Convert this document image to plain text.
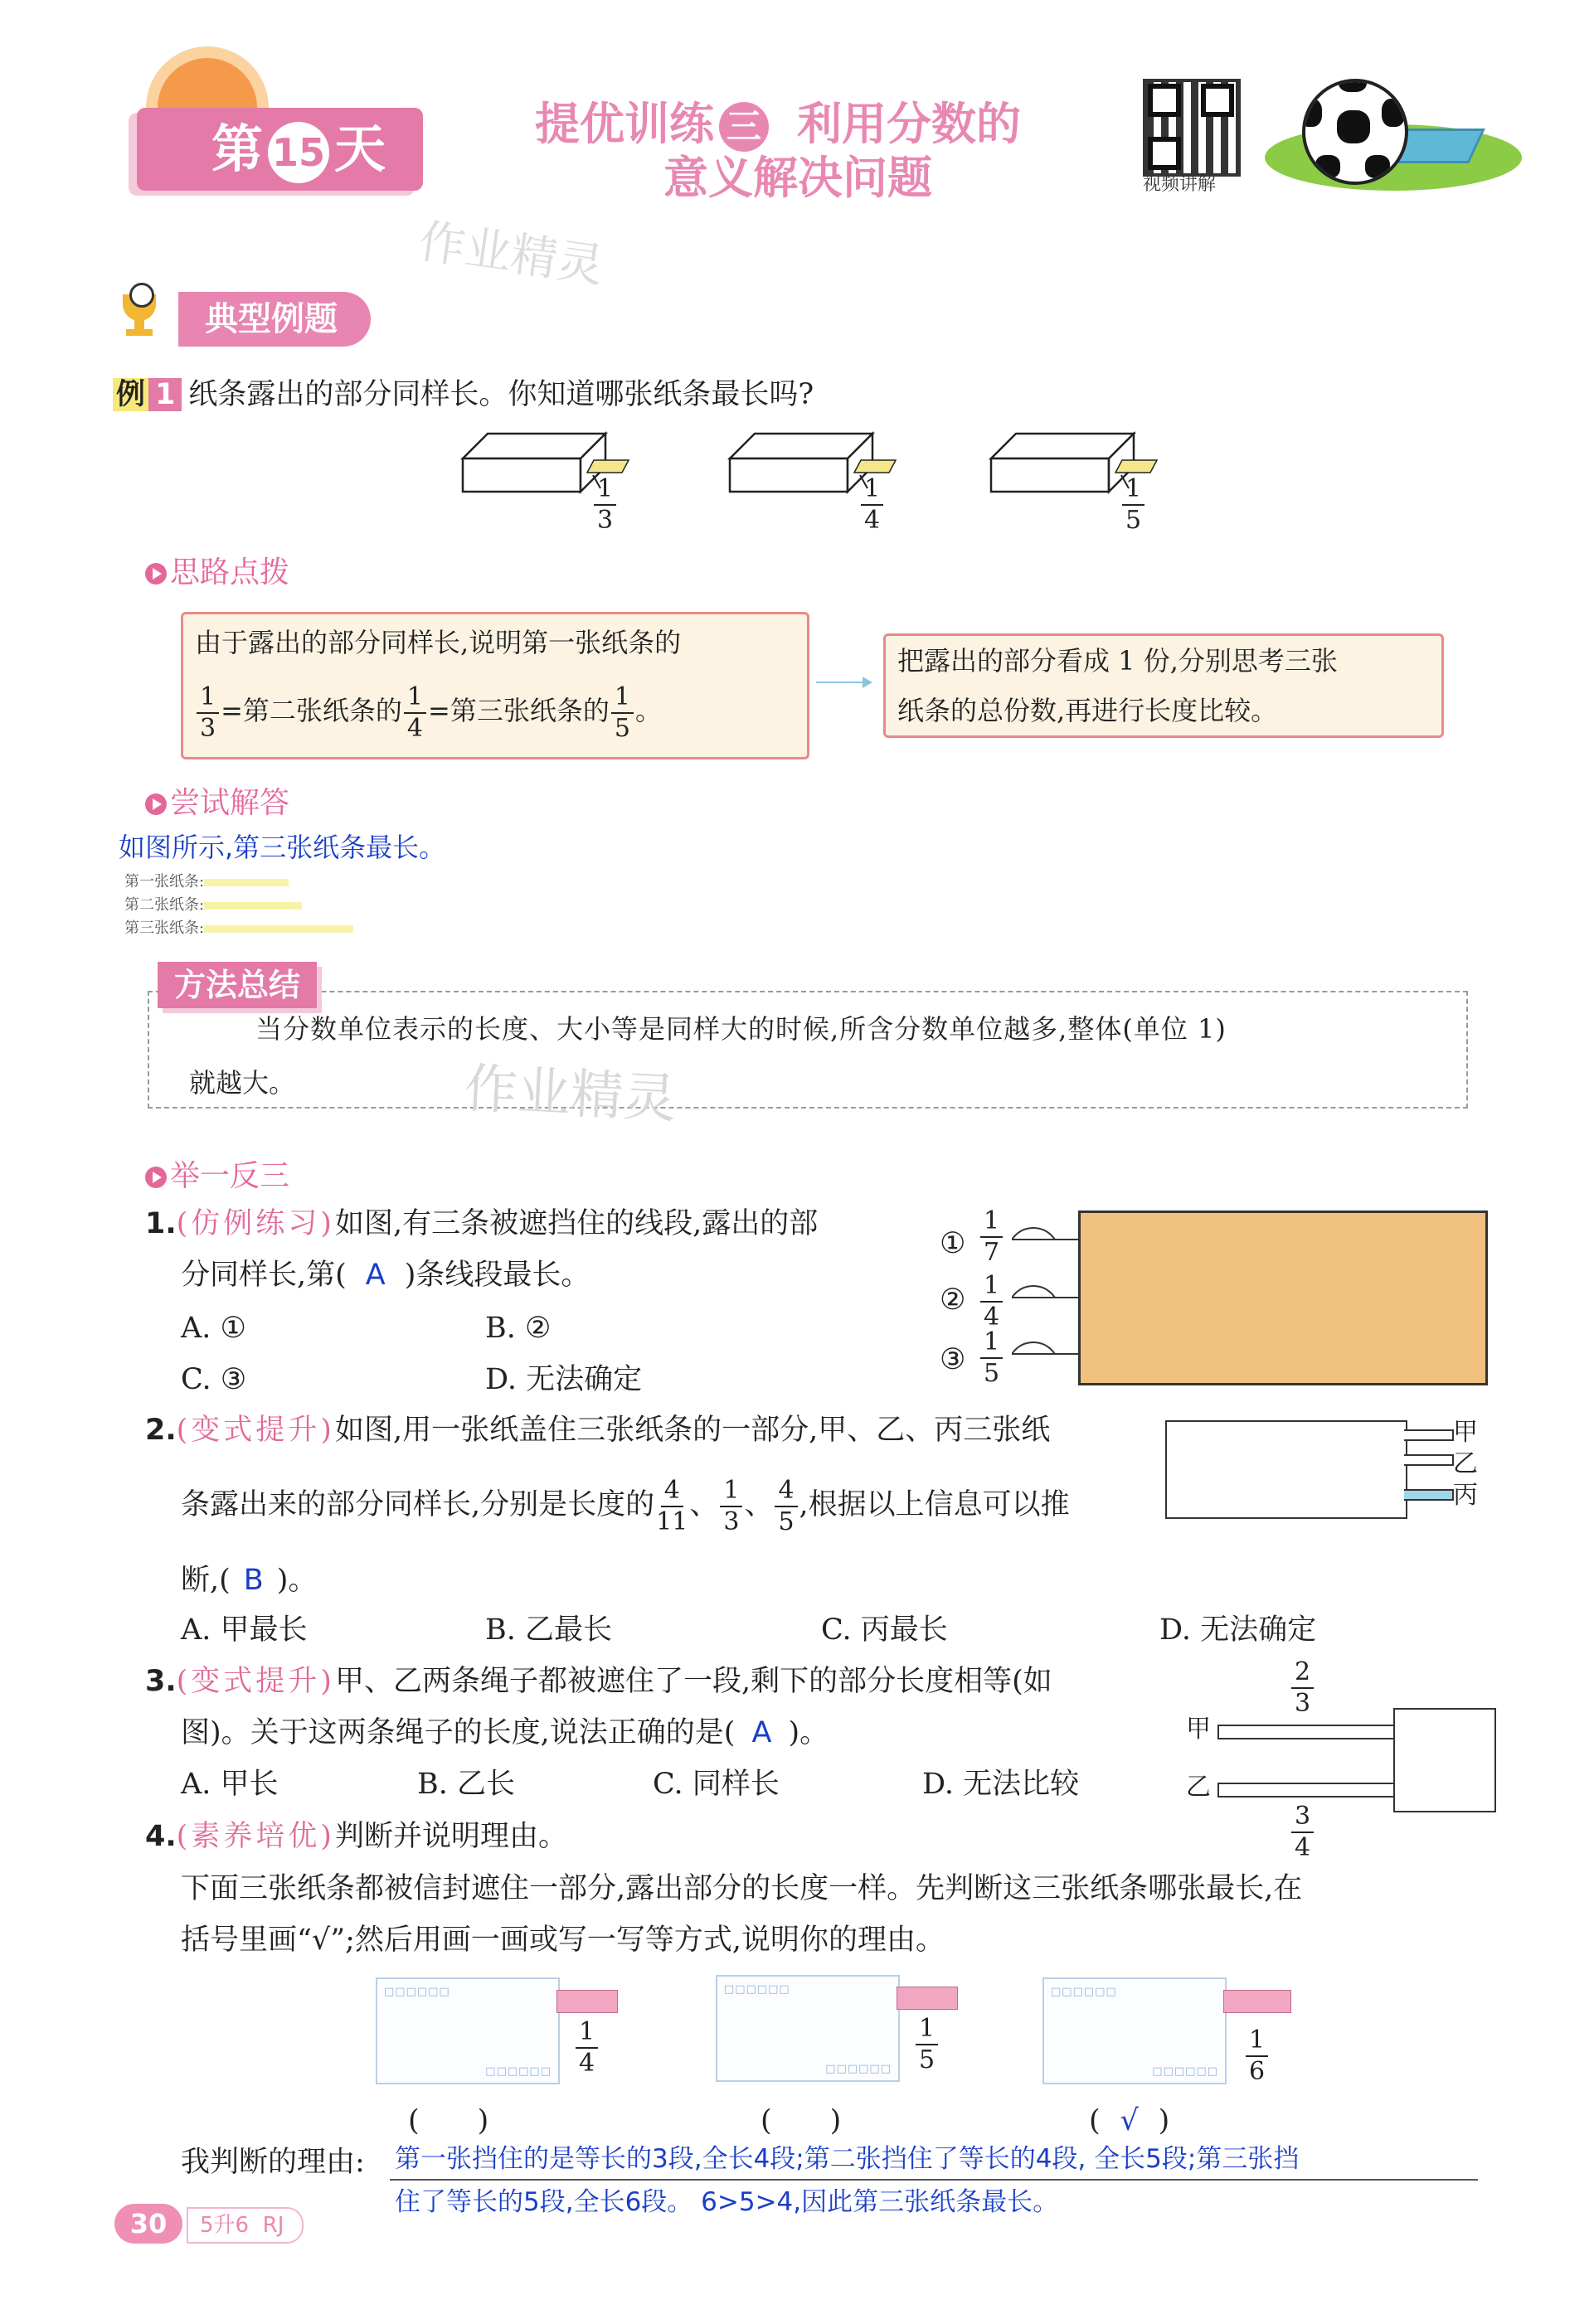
第 15 天	提优训练 三 利用分数的
意义解决问题	视频讲解
作业精灵
典型例题
例 1 纸条露出的部分同样长。你知道哪张纸条最长吗?
$\frac{1}{3}$	$\frac{1}{4}$	$\frac{1}{5}$
思路点拨
由于露出的部分同样长,说明第一张纸条的
$\frac{1}{3}$ =第二张纸条的 $\frac{1}{4}$ =第三张纸条的 $\frac{1}{5}$ 。
把露出的部分看成 1 份,分别思考三张
纸条的总份数,再进行长度比较。
尝试解答
如图所示,第三张纸条最长。
第一张纸条:
第二张纸条:
第三张纸条:
方法总结
当分数单位表示的长度、大小等是同样大的时候,所含分数单位越多,整体(单位 1)
就越大。	作业精灵
举一反三
1.(仿例练习)如图,有三条被遮挡住的线段,露出的部
分同样长,第( A )条线段最长。
A. ①	B. ②
C. ③	D. 无法确定
①
②
③
$\frac{1}{7}$
$\frac{1}{4}$
$\frac{1}{5}$
2.(变式提升)如图,用一张纸盖住三张纸条的一部分,甲、乙、丙三张纸
条露出来的部分同样长,分别是长度的 $\frac{4}{11}$ 、 $\frac{1}{3}$ 、 $\frac{4}{5}$ ,根据以上信息可以推
断,( B )。
A. 甲最长	B. 乙最长	C. 丙最长	D. 无法确定
甲
乙
丙
3.(变式提升)甲、乙两条绳子都被遮住了一段,剩下的部分长度相等(如
图)。关于这两条绳子的长度,说法正确的是( A )。
A. 甲长	B. 乙长	C. 同样长	D. 无法比较
$\frac{2}{3}$
甲
乙
$\frac{3}{4}$
4.(素养培优)判断并说明理由。
下面三张纸条都被信封遮住一部分,露出部分的长度一样。先判断这三张纸条哪张最长,在
括号里画“√”;然后用画一画或写一写等方式,说明你的理由。
□□□□□□
□□□□□□ $\frac{1}{4}$
□□□□□□
□□□□□□ $\frac{1}{5}$
□□□□□□
□□□□□□ $\frac{1}{6}$
( )	( )	( √ )
我判断的理由: 第一张挡住的是等长的3段,全长4段;第二张挡住了等长的4段, 全长5段;第三张挡
住了等长的5段,全长6段。 6>5>4,因此第三张纸条最长。
30	5升6 RJ
